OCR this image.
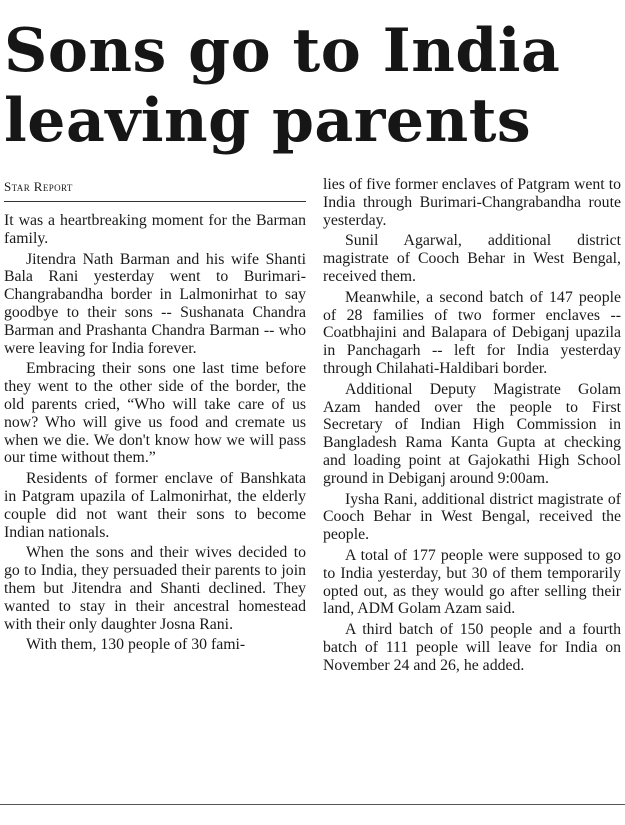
Sons go to India leaving parents
Star Report

It was a heartbreaking moment for the Barman family.

Jitendra Nath Barman and his wife Shanti Bala Rani yesterday went to Burimari-Changrabandha border in Lalmonirhat to say goodbye to their sons -- Sushanata Chandra Barman and Prashanta Chandra Barman -- who were leaving for India forever.

Embracing their sons one last time before they went to the other side of the border, the old parents cried, “Who will take care of us now? Who will give us food and cremate us when we die. We don't know how we will pass our time without them.”

Residents of former enclave of Banshkata in Patgram upazila of Lalmonirhat, the elderly couple did not want their sons to become Indian nationals.

When the sons and their wives decided to go to India, they persuaded their parents to join them but Jitendra and Shanti declined. They wanted to stay in their ancestral homestead with their only daughter Josna Rani.

With them, 130 people of 30 fami-

lies of five former enclaves of Patgram went to India through Burimari-Changrabandha route yesterday.

Sunil Agarwal, additional district magistrate of Cooch Behar in West Bengal, received them.

Meanwhile, a second batch of 147 people of 28 families of two former enclaves -- Coatbhajini and Balapara of Debiganj upazila in Panchagarh -- left for India yesterday through Chilahati-Haldibari border.

Additional Deputy Magistrate Golam Azam handed over the people to First Secretary of Indian High Commission in Bangladesh Rama Kanta Gupta at checking and loading point at Gajokathi High School ground in Debiganj around 9:00am.

Iysha Rani, additional district magistrate of Cooch Behar in West Bengal, received the people.

A total of 177 people were supposed to go to India yesterday, but 30 of them temporarily opted out, as they would go after selling their land, ADM Golam Azam said.

A third batch of 150 people and a fourth batch of 111 people will leave for India on November 24 and 26, he added.
